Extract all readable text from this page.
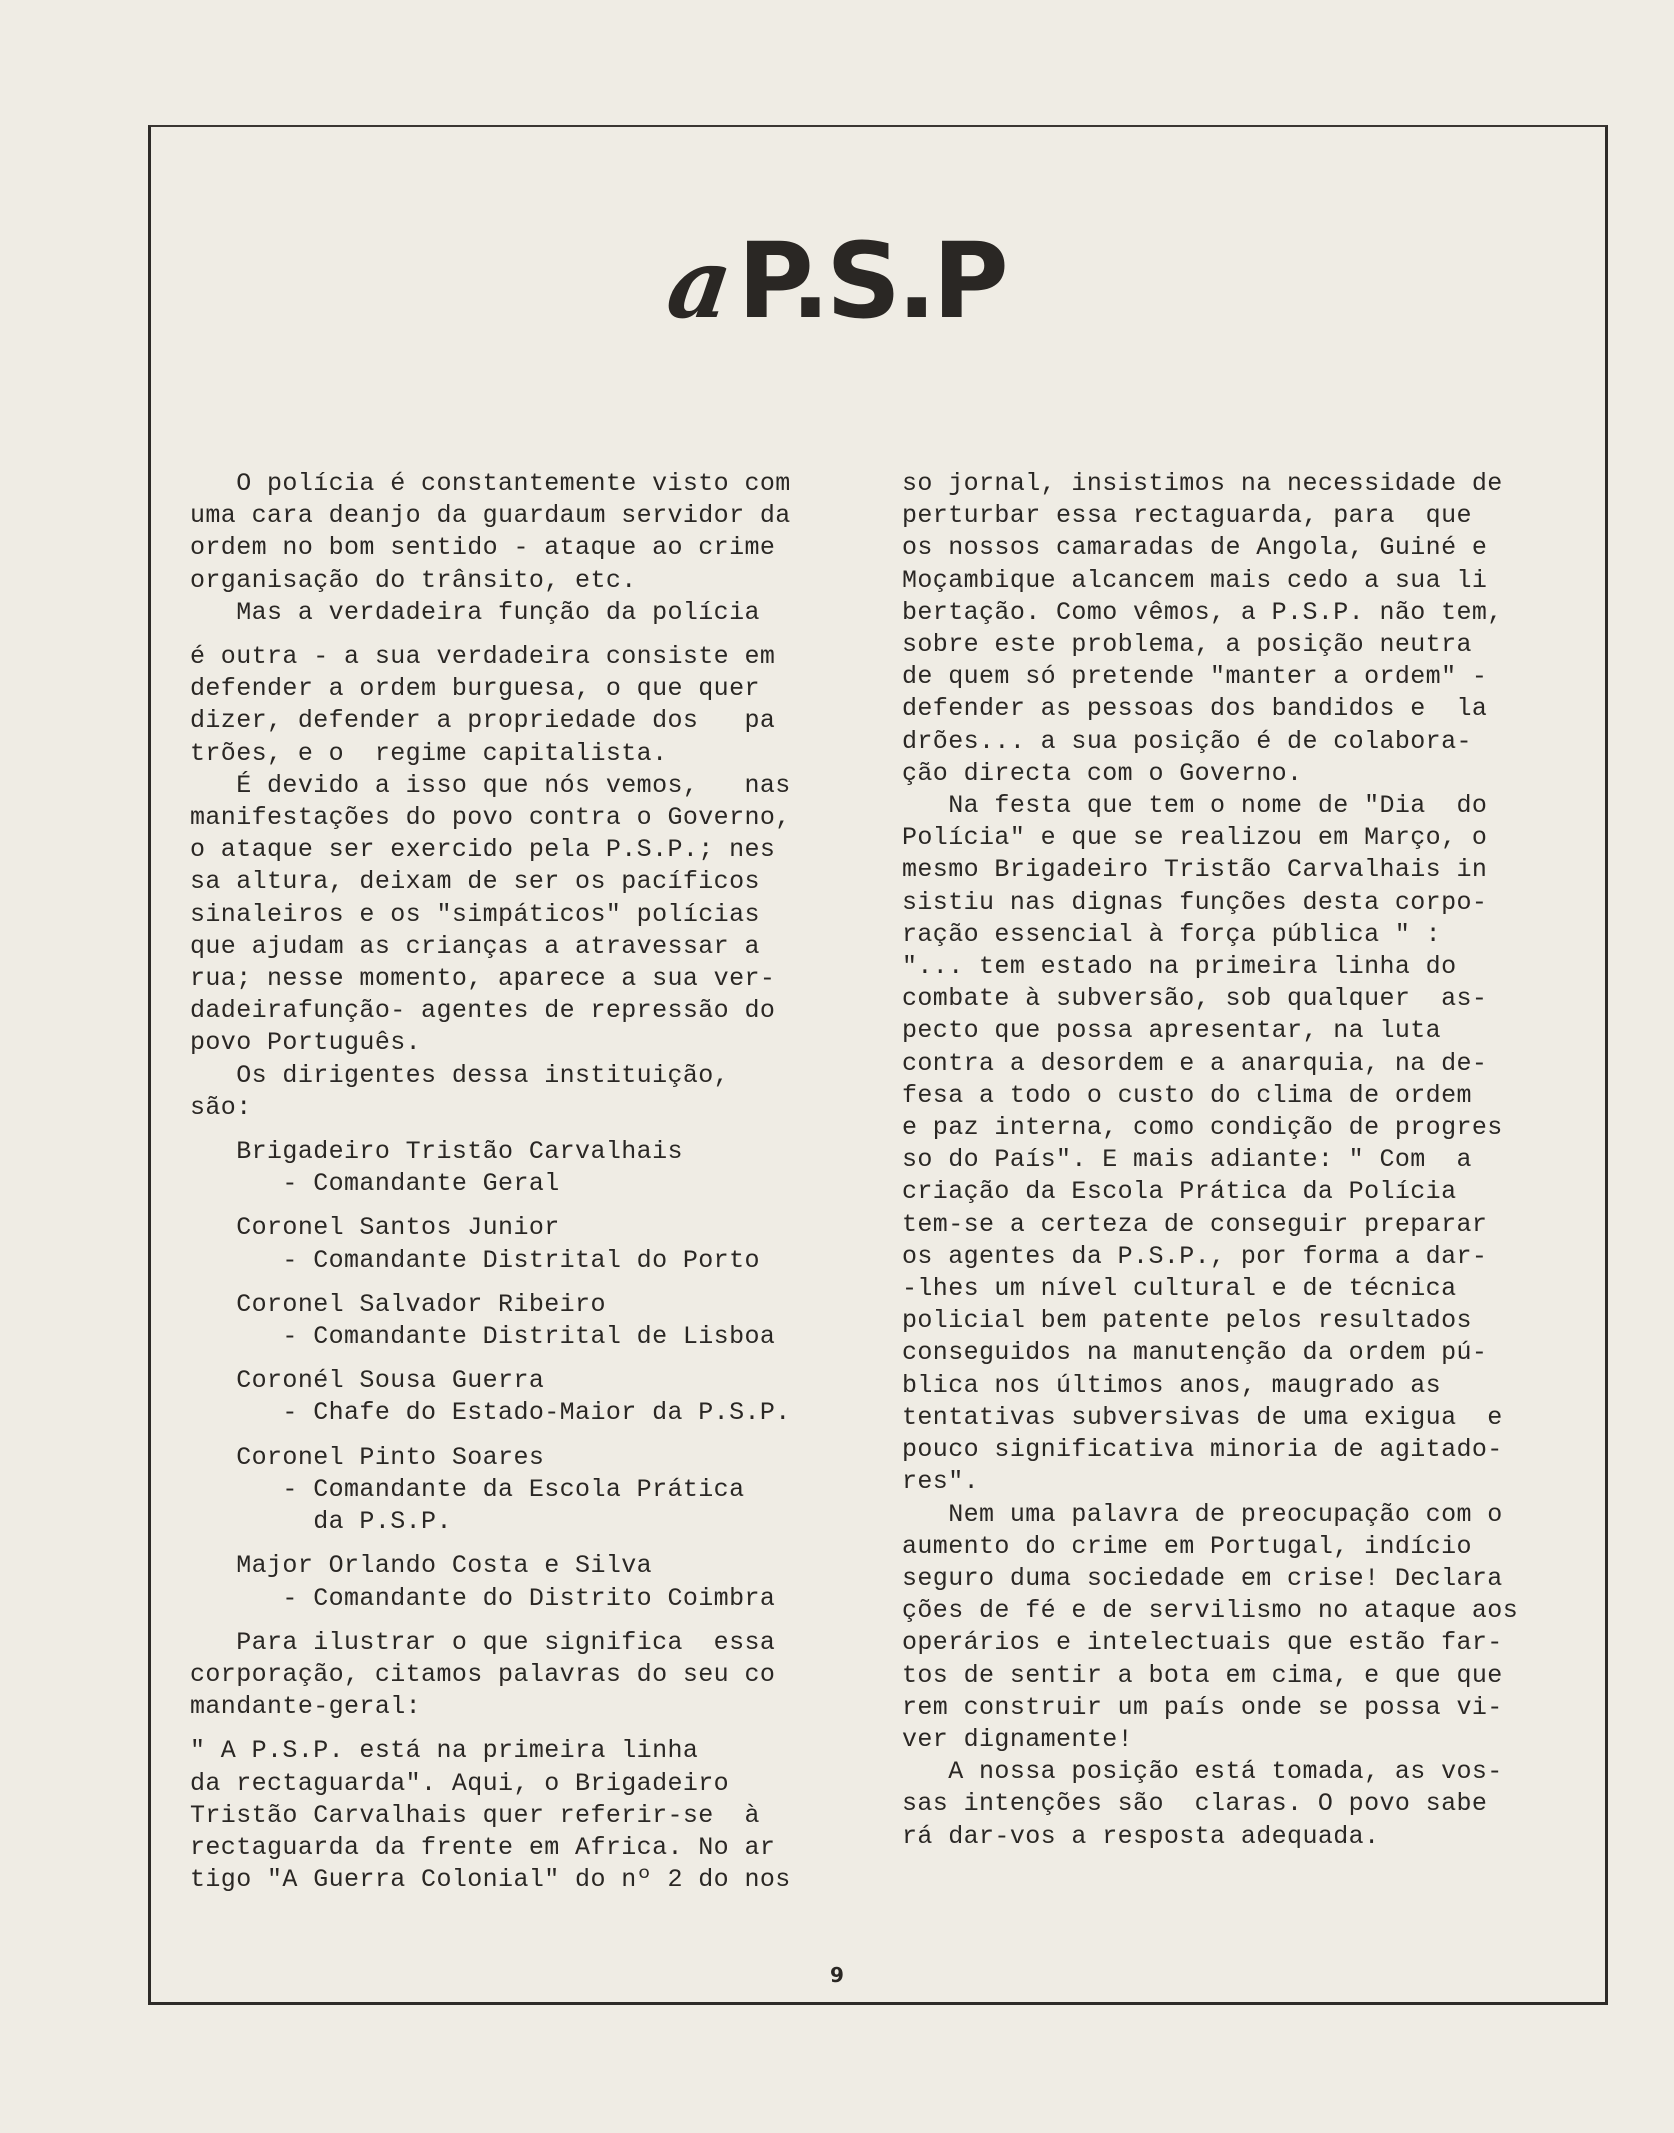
aP.S.P
O polícia é constantemente visto com
uma cara deanjo da guardaum servidor da
ordem no bom sentido - ataque ao crime
organisação do trânsito, etc.
Mas a verdadeira função da polícia
é outra - a sua verdadeira consiste em
defender a ordem burguesa, o que quer
dizer, defender a propriedade dos   pa
trões, e o  regime capitalista.
É devido a isso que nós vemos,   nas
manifestações do povo contra o Governo,
o ataque ser exercido pela P.S.P.; nes
sa altura, deixam de ser os pacíficos
sinaleiros e os "simpáticos" polícias
que ajudam as crianças a atravessar a
rua; nesse momento, aparece a sua ver-
dadeirafunção- agentes de repressão do
povo Português.
Os dirigentes dessa instituição,
são:
Brigadeiro Tristão Carvalhais
- Comandante Geral
Coronel Santos Junior
- Comandante Distrital do Porto
Coronel Salvador Ribeiro
- Comandante Distrital de Lisboa
Coronél Sousa Guerra
- Chafe do Estado-Maior da P.S.P.
Coronel Pinto Soares
- Comandante da Escola Prática
da P.S.P.
Major Orlando Costa e Silva
- Comandante do Distrito Coimbra
Para ilustrar o que significa  essa
corporação, citamos palavras do seu co
mandante-geral:
" A P.S.P. está na primeira linha
da rectaguarda". Aqui, o Brigadeiro
Tristão Carvalhais quer referir-se  à
rectaguarda da frente em Africa. No ar
tigo "A Guerra Colonial" do nº 2 do nos
so jornal, insistimos na necessidade de
perturbar essa rectaguarda, para  que
os nossos camaradas de Angola, Guiné e
Moçambique alcancem mais cedo a sua li
bertação. Como vêmos, a P.S.P. não tem,
sobre este problema, a posição neutra
de quem só pretende "manter a ordem" -
defender as pessoas dos bandidos e  la
drões... a sua posição é de colabora-
ção directa com o Governo.
Na festa que tem o nome de "Dia  do
Polícia" e que se realizou em Março, o
mesmo Brigadeiro Tristão Carvalhais in
sistiu nas dignas funções desta corpo-
ração essencial à força pública " :
"... tem estado na primeira linha do
combate à subversão, sob qualquer  as-
pecto que possa apresentar, na luta
contra a desordem e a anarquia, na de-
fesa a todo o custo do clima de ordem
e paz interna, como condição de progres
so do País". E mais adiante: " Com  a
criação da Escola Prática da Polícia
tem-se a certeza de conseguir preparar
os agentes da P.S.P., por forma a dar-
-lhes um nível cultural e de técnica
policial bem patente pelos resultados
conseguidos na manutenção da ordem pú-
blica nos últimos anos, maugrado as
tentativas subversivas de uma exigua  e
pouco significativa minoria de agitado-
res".
Nem uma palavra de preocupação com o
aumento do crime em Portugal, indício
seguro duma sociedade em crise! Declara
ções de fé e de servilismo no ataque aos
operários e intelectuais que estão far-
tos de sentir a bota em cima, e que que
rem construir um país onde se possa vi-
ver dignamente!
A nossa posição está tomada, as vos-
sas intenções são  claras. O povo sabe
rá dar-vos a resposta adequada.
9
